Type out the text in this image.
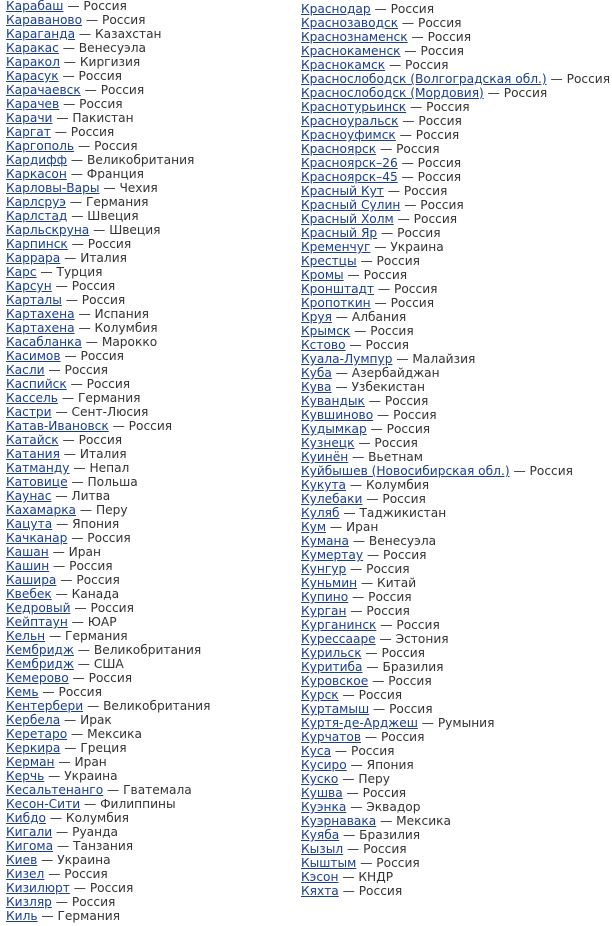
Карабаш — Россия
Караваново — Россия
Караганда — Казахстан
Каракас — Венесуэла
Каракол — Киргизия
Карасук — Россия
Карачаевск — Россия
Карачев — Россия
Карачи — Пакистан
Каргат — Россия
Каргополь — Россия
Кардифф — Великобритания
Каркасон — Франция
Карловы-Вары — Чехия
Карлсруэ — Германия
Карлстад — Швеция
Карльскруна — Швеция
Карпинск — Россия
Каррара — Италия
Карс — Турция
Карсун — Россия
Карталы — Россия
Картахена — Испания
Картахена — Колумбия
Касабланка — Марокко
Касимов — Россия
Касли — Россия
Каспийск — Россия
Кассель — Германия
Кастри — Сент-Люсия
Катав-Ивановск — Россия
Катайск — Россия
Катания — Италия
Катманду — Непал
Катовице — Польша
Каунас — Литва
Кахамарка — Перу
Кацута — Япония
Качканар — Россия
Кашан — Иран
Кашин — Россия
Кашира — Россия
Квебек — Канада
Кедровый — Россия
Кейптаун — ЮАР
Кельн — Германия
Кембридж — Великобритания
Кембридж — США
Кемерово — Россия
Кемь — Россия
Кентербери — Великобритания
Кербела — Ирак
Керетаро — Мексика
Керкира — Греция
Керман — Иран
Керчь — Украина
Кесальтенанго — Гватемала
Кесон-Сити — Филиппины
Кибдо — Колумбия
Кигали — Руанда
Кигома — Танзания
Киев — Украина
Кизел — Россия
Кизилюрт — Россия
Кизляр — Россия
Киль — Германия
Краснодар — Россия
Краснозаводск — Россия
Краснознаменск — Россия
Краснокаменск — Россия
Краснокамск — Россия
Краснослободск (Волгоградская обл.) — Россия
Краснослободск (Мордовия) — Россия
Краснотурьинск — Россия
Красноуральск — Россия
Красноуфимск — Россия
Красноярск — Россия
Красноярск–26 — Россия
Красноярск–45 — Россия
Красный Кут — Россия
Красный Сулин — Россия
Красный Холм — Россия
Красный Яр — Россия
Кременчуг — Украина
Крестцы — Россия
Кромы — Россия
Кронштадт — Россия
Кропоткин — Россия
Круя — Албания
Крымск — Россия
Кстово — Россия
Куала-Лумпур — Малайзия
Куба — Азербайджан
Кува — Узбекистан
Кувандык — Россия
Кувшиново — Россия
Кудымкар — Россия
Кузнецк — Россия
Куинён — Вьетнам
Куйбышев (Новосибирская обл.) — Россия
Кукута — Колумбия
Кулебаки — Россия
Куляб — Таджикистан
Кум — Иран
Кумана — Венесуэла
Кумертау — Россия
Кунгур — Россия
Куньмин — Китай
Купино — Россия
Курган — Россия
Курганинск — Россия
Курессааре — Эстония
Курильск — Россия
Куритиба — Бразилия
Куровское — Россия
Курск — Россия
Куртамыш — Россия
Куртя-де-Арджеш — Румыния
Курчатов — Россия
Куса — Россия
Кусиро — Япония
Куско — Перу
Кушва — Россия
Куэнка — Эквадор
Куэрнавака — Мексика
Куяба — Бразилия
Кызыл — Россия
Кыштым — Россия
Кэсон — КНДР
Кяхта — Россия
